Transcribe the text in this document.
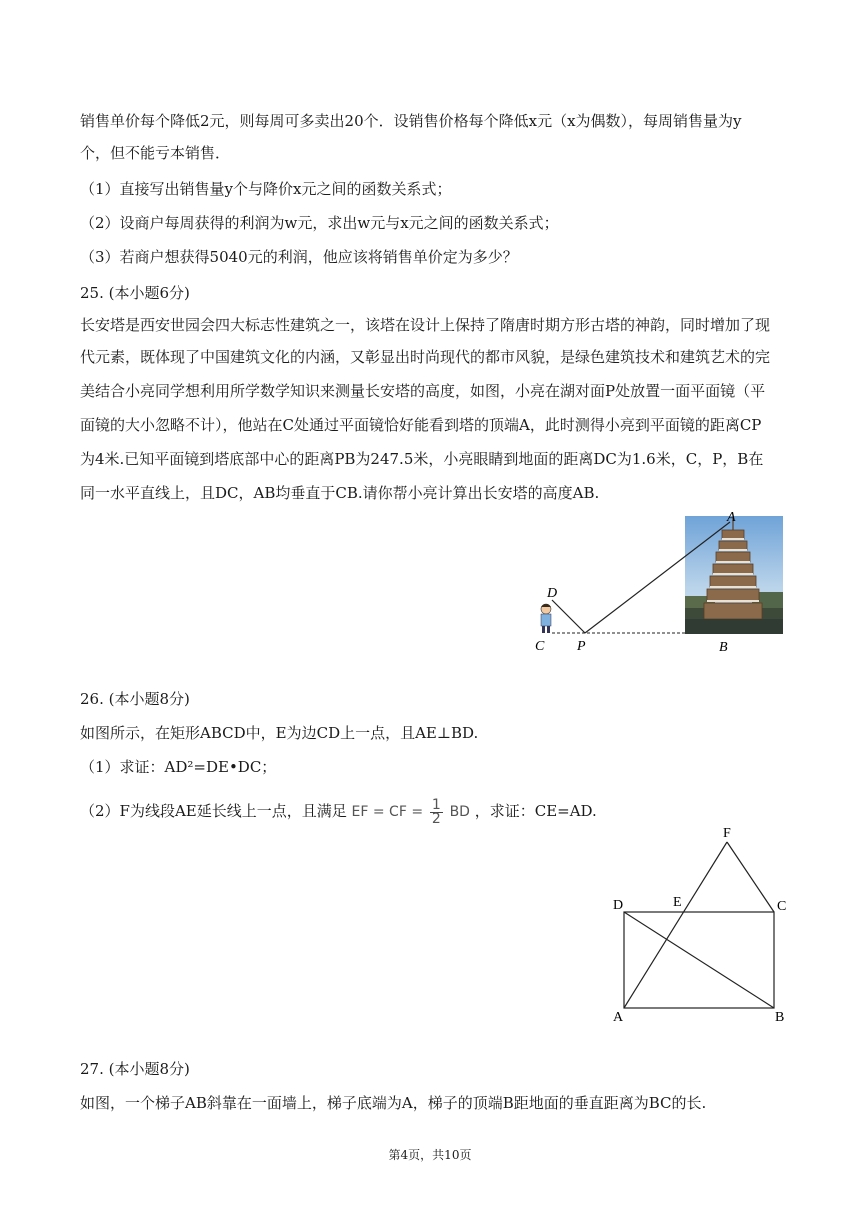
销售单价每个降低2元，则每周可多卖出20个．设销售价格每个降低x元（x为偶数），每周销售量为y
个，但不能亏本销售．
（1）直接写出销售量y个与降价x元之间的函数关系式；
（2）设商户每周获得的利润为w元，求出w元与x元之间的函数关系式；
（3）若商户想获得5040元的利润，他应该将销售单价定为多少？
25. (本小题6分)
长安塔是西安世园会四大标志性建筑之一，该塔在设计上保持了隋唐时期方形古塔的神韵，同时增加了现
代元素，既体现了中国建筑文化的内涵，又彰显出时尚现代的都市风貌，是绿色建筑技术和建筑艺术的完
美结合小亮同学想利用所学数学知识来测量长安塔的高度，如图，小亮在湖对面P处放置一面平面镜（平
面镜的大小忽略不计），他站在C处通过平面镜恰好能看到塔的顶端A，此时测得小亮到平面镜的距离CP
为4米.已知平面镜到塔底部中心的距离PB为247.5米，小亮眼睛到地面的距离DC为1.6米，C，P，B在
同一水平直线上，且DC，AB均垂直于CB.请你帮小亮计算出长安塔的高度AB.
D
A
C P	B
26. (本小题8分)
如图所示，在矩形ABCD中，E为边CD上一点，且AE⊥BD.
（1）求证：AD²=DE•DC；
（2）F为线段AE延长线上一点，且满足 EF = CF = $\frac{1}{2}$ BD ，求证：CE=AD.
F
D	E	C
A	B
27. (本小题8分)
如图，一个梯子AB斜靠在一面墙上，梯子底端为A，梯子的顶端B距地面的垂直距离为BC的长.
第4页，共10页
